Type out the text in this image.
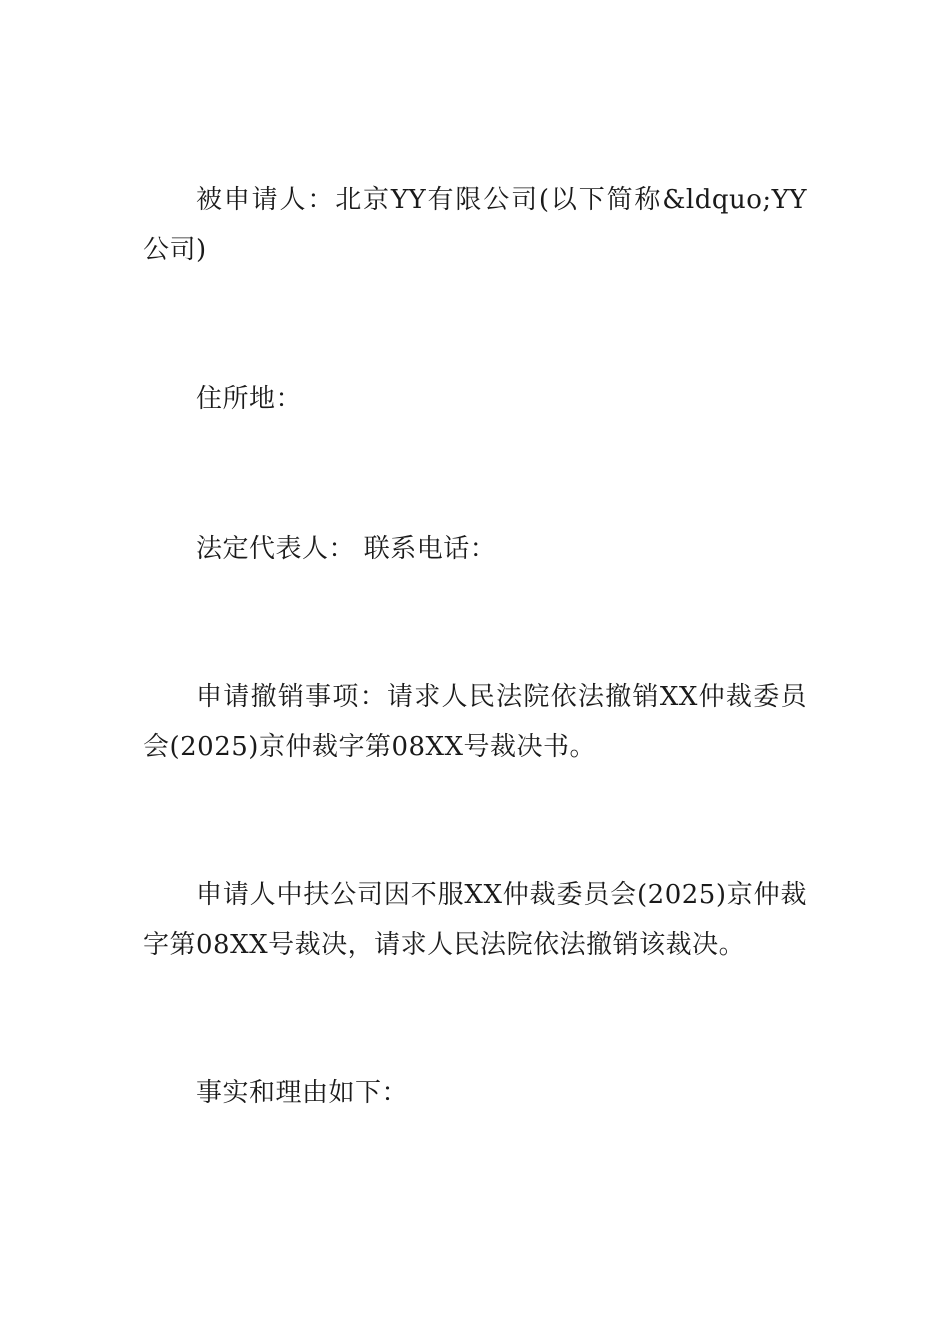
被申请人：北京YY有限公司(以下简称&ldquo;YY公司)

住所地：

法定代表人： 联系电话：

申请撤销事项：请求人民法院依法撤销XX仲裁委员会(2025)京仲裁字第08XX号裁决书。

申请人中扶公司因不服XX仲裁委员会(2025)京仲裁字第08XX号裁决，请求人民法院依法撤销该裁决。

事实和理由如下：
